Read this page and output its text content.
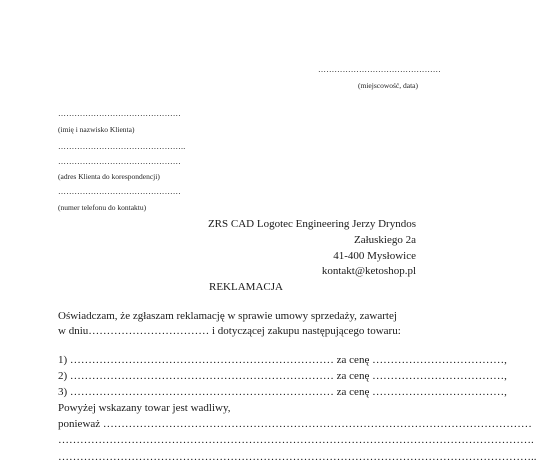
………………………………………
(miejscowość, data)
………………………………………
(imię i nazwisko Klienta)
………………………………………..
………………………………………
(adres Klienta do korespondencji)
………………………………………
(numer telefonu do kontaktu)
ZRS CAD Logotec Engineering Jerzy Dryndos
Załuskiego 2a
41-400 Mysłowice
kontakt@ketoshop.pl
REKLAMACJA
Oświadczam, że zgłaszam reklamację w sprawie umowy sprzedaży, zawartej
w dniu…………………………… i dotyczącej zakupu następującego towaru:
1) ……………………………………………………………… za cenę ………………………………,
2) ……………………………………………………………… za cenę ………………………………,
3) ……………………………………………………………… za cenę ………………………………,
Powyżej wskazany towar jest wadliwy,
ponieważ ………………………………………………………………………………………………………
………………………………………………………………………………………………………………….
…………………………………………………………………………………………………………………..
